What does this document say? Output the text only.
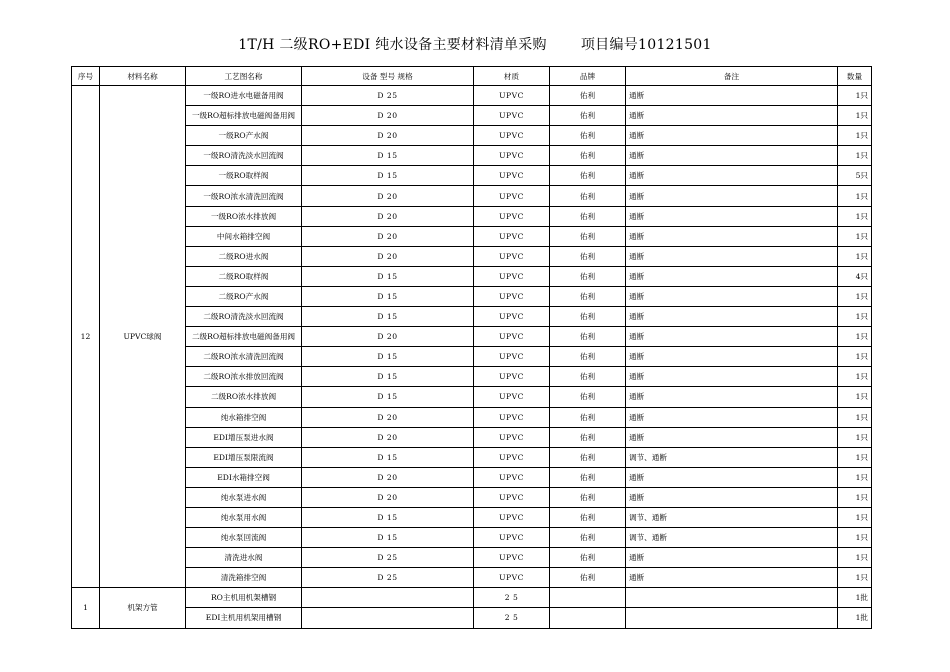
1T/H 二级RO+EDI 纯水设备主要材料清单采购 项目编号10121501
序号	材料名称	工艺图名称	设备 型号 规格	材质	品牌	备注	数量
12	UPVC球阀	一级RO进水电磁备用阀	D 25	UPVC	佑利	通断	1只
		一级RO超标排放电磁阀备用阀	D 20	UPVC	佑利	通断	1只
		一级RO产水阀	D 20	UPVC	佑利	通断	1只
		一级RO清洗淡水回流阀	D 15	UPVC	佑利	通断	1只
		一级RO取样阀	D 15	UPVC	佑利	通断	5只
		一级RO浓水清洗回流阀	D 20	UPVC	佑利	通断	1只
		一级RO浓水排放阀	D 20	UPVC	佑利	通断	1只
		中间水箱排空阀	D 20	UPVC	佑利	通断	1只
		二级RO进水阀	D 20	UPVC	佑利	通断	1只
		二级RO取样阀	D 15	UPVC	佑利	通断	4只
		二级RO产水阀	D 15	UPVC	佑利	通断	1只
		二级RO清洗淡水回流阀	D 15	UPVC	佑利	通断	1只
		二级RO超标排放电磁阀备用阀	D 20	UPVC	佑利	通断	1只
		二级RO浓水清洗回流阀	D 15	UPVC	佑利	通断	1只
		二级RO浓水排放回流阀	D 15	UPVC	佑利	通断	1只
		二级RO浓水排放阀	D 15	UPVC	佑利	通断	1只
		纯水箱排空阀	D 20	UPVC	佑利	通断	1只
		EDI增压泵进水阀	D 20	UPVC	佑利	通断	1只
		EDI增压泵限流阀	D 15	UPVC	佑利	调节、通断	1只
		EDI水箱排空阀	D 20	UPVC	佑利	通断	1只
		纯水泵进水阀	D 20	UPVC	佑利	通断	1只
		纯水泵用水阀	D 15	UPVC	佑利	调节、通断	1只
		纯水泵回流阀	D 15	UPVC	佑利	调节、通断	1只
		清洗进水阀	D 25	UPVC	佑利	通断	1只
		清洗箱排空阀	D 25	UPVC	佑利	通断	1只
1	机架方管	RO主机用机架槽钢		2 5			1批
		EDI主机用机架用槽钢		2 5			1批
